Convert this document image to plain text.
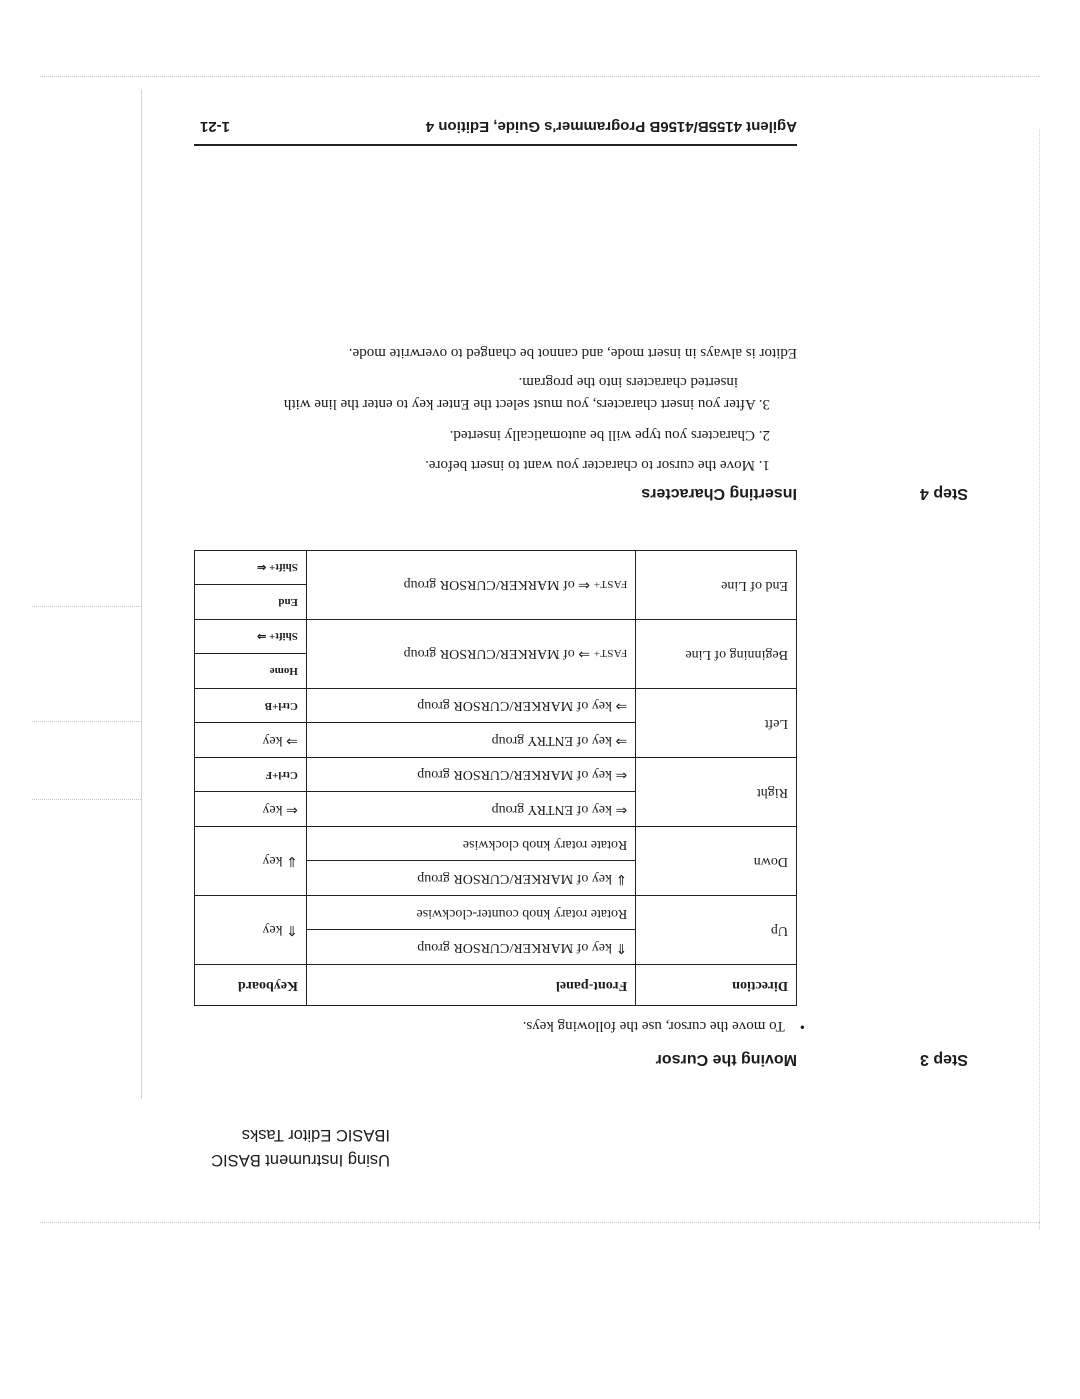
Using Instrument BASIC
IBASIC Editor Tasks
Step 3
Moving the Cursor
•    To move the cursor, use the following keys.
Direction	Front-panel	Keyboard
Up	⇑ key of MARKER/CURSOR group	⇑ key
	Rotate rotary knob counter-clockwise	
Down	⇓ key of MARKER/CURSOR group	⇓ key
	Rotate rotary knob clockwise	
Right	⇐ key of ENTRY group	⇐ key
	⇐ key of MARKER/CURSOR group	Ctrl+F
Left	⇒ key of ENTRY group	⇒ key
	⇒ key of MARKER/CURSOR group	Ctrl+B
Beginning of Line	FAST+ ⇒ of MARKER/CURSOR group	Home
		Shift+ ⇒
End of Line	FAST+ ⇐ of MARKER/CURSOR group	End
		Shift+ ⇐
Step 4
Inserting Characters
1. Move the cursor to character you want to insert before.
2. Characters you type will be automatically inserted.
3. After you insert characters, you must select the Enter key to enter the line with
inserted characters into the program.
Editor is always in insert mode, and cannot be changed to overwrite mode.
Agilent 4155B/4156B Programmer's Guide, Edition 4
1-21
